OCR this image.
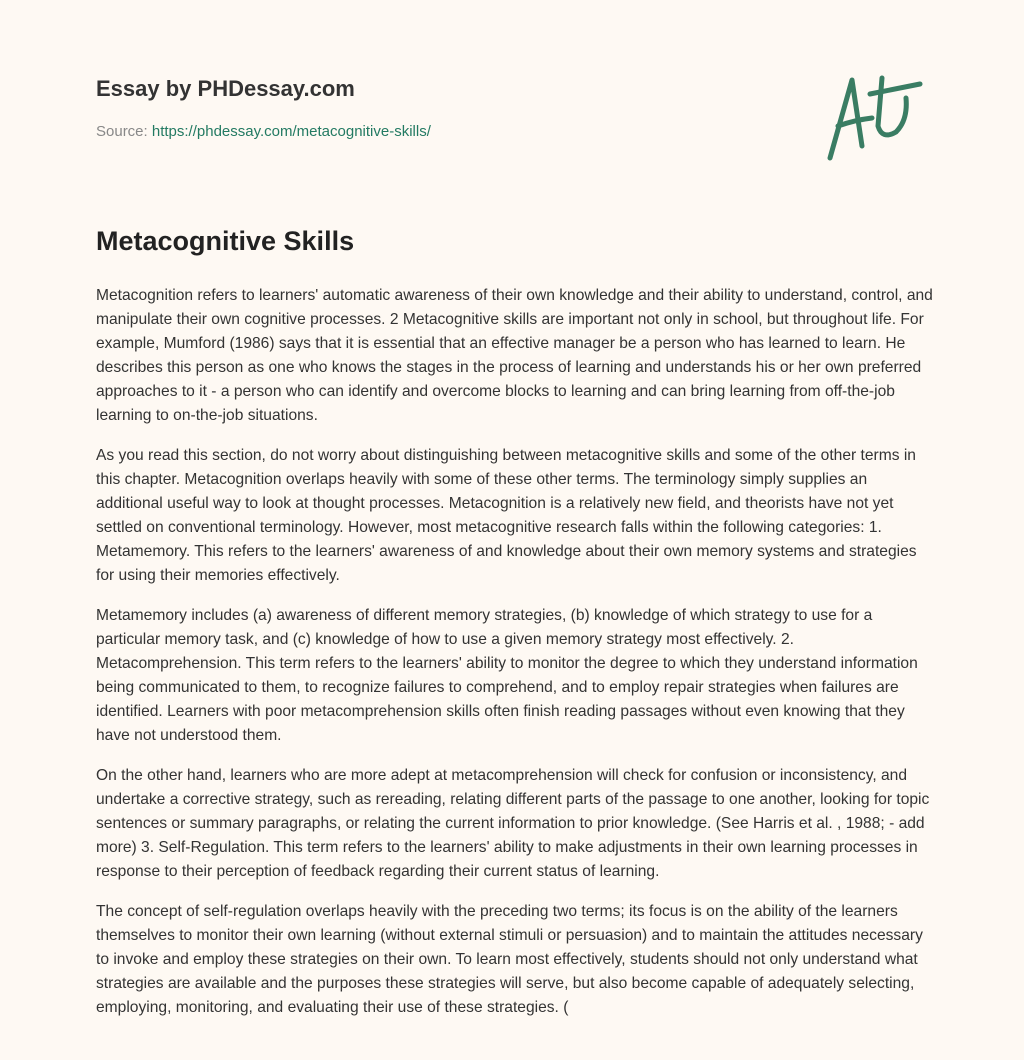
Essay by PHDessay.com
Source: https://phdessay.com/metacognitive-skills/
Metacognitive Skills

Metacognition refers to learners' automatic awareness of their own knowledge and their ability to understand, control, and manipulate their own cognitive processes. 2 Metacognitive skills are important not only in school, but throughout life. For example, Mumford (1986) says that it is essential that an effective manager be a person who has learned to learn. He describes this person as one who knows the stages in the process of learning and understands his or her own preferred approaches to it - a person who can identify and overcome blocks to learning and can bring learning from off-the-job learning to on-the-job situations.

As you read this section, do not worry about distinguishing between metacognitive skills and some of the other terms in this chapter. Metacognition overlaps heavily with some of these other terms. The terminology simply supplies an additional useful way to look at thought processes. Metacognition is a relatively new field, and theorists have not yet settled on conventional terminology. However, most metacognitive research falls within the following categories: 1. Metamemory. This refers to the learners' awareness of and knowledge about their own memory systems and strategies for using their memories effectively.

Metamemory includes (a) awareness of different memory strategies, (b) knowledge of which strategy to use for a particular memory task, and (c) knowledge of how to use a given memory strategy most effectively. 2. Metacomprehension. This term refers to the learners' ability to monitor the degree to which they understand information being communicated to them, to recognize failures to comprehend, and to employ repair strategies when failures are identified. Learners with poor metacomprehension skills often finish reading passages without even knowing that they have not understood them.

On the other hand, learners who are more adept at metacomprehension will check for confusion or inconsistency, and undertake a corrective strategy, such as rereading, relating different parts of the passage to one another, looking for topic sentences or summary paragraphs, or relating the current information to prior knowledge. (See Harris et al. , 1988; - add more) 3. Self-Regulation. This term refers to the learners' ability to make adjustments in their own learning processes in response to their perception of feedback regarding their current status of learning.

The concept of self-regulation overlaps heavily with the preceding two terms; its focus is on the ability of the learners themselves to monitor their own learning (without external stimuli or persuasion) and to maintain the attitudes necessary to invoke and employ these strategies on their own. To learn most effectively, students should not only understand what strategies are available and the purposes these strategies will serve, but also become capable of adequately selecting, employing, monitoring, and evaluating their use of these strategies. (
